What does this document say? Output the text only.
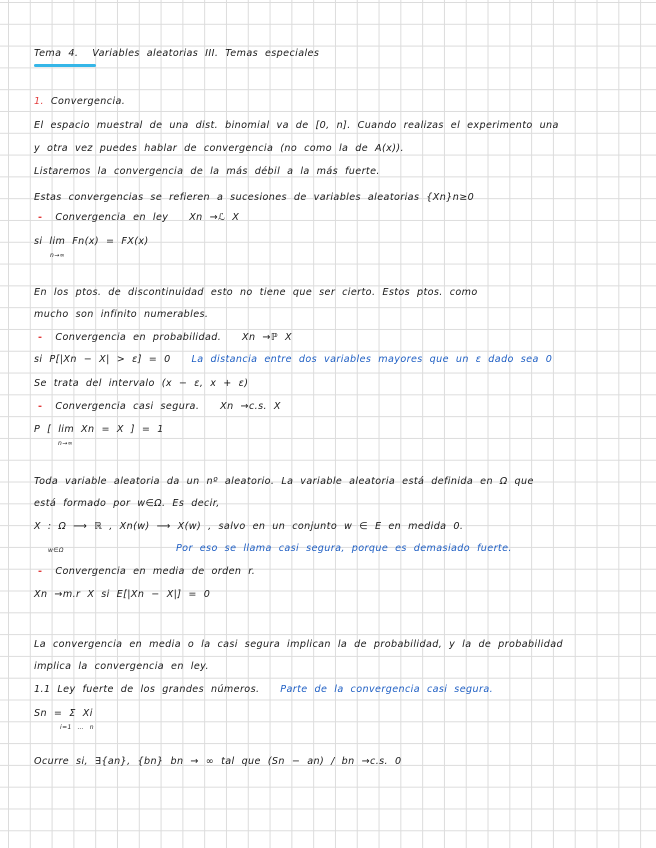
Tema 4. Variables aleatorias III. Temas especiales
1. Convergencia.
El espacio muestral de una dist. binomial va de [0, n]. Cuando realizas el experimento una
y otra vez puedes hablar de convergencia (no como la de A(x)).
Listaremos la convergencia de la más débil a la más fuerte.
Estas convergencias se refieren a sucesiones de variables aleatorias {Xn}n≥0
- Convergencia en ley Xn →ℒ X
si lim Fn(x) = FX(x)
n→∞
En los ptos. de discontinuidad esto no tiene que ser cierto. Estos ptos. como
mucho son infinito numerables.
- Convergencia en probabilidad. Xn →ℙ X
si P[|Xn − X| > ε] = 0 La distancia entre dos variables mayores que un ε dado sea 0
Se trata del intervalo (x − ε, x + ε)
- Convergencia casi segura. Xn →c.s. X
P [ lim Xn = X ] = 1
n→∞
Toda variable aleatoria da un nº aleatorio. La variable aleatoria está definida en Ω que
está formado por w∈Ω. Es decir,
X : Ω ⟶ ℝ , Xn(w) ⟶ X(w) , salvo en un conjunto w ∈ E en medida 0.
w∈Ω	Por eso se llama casi segura, porque es demasiado fuerte.
- Convergencia en media de orden r.
Xn →m.r X si E[|Xn − X|] = 0
La convergencia en media o la casi segura implican la de probabilidad, y la de probabilidad
implica la convergencia en ley.
1.1 Ley fuerte de los grandes números. Parte de la convergencia casi segura.
Sn = Σ Xi
i=1 … n
Ocurre si, ∃{an}, {bn} bn → ∞ tal que (Sn − an) / bn →c.s. 0
